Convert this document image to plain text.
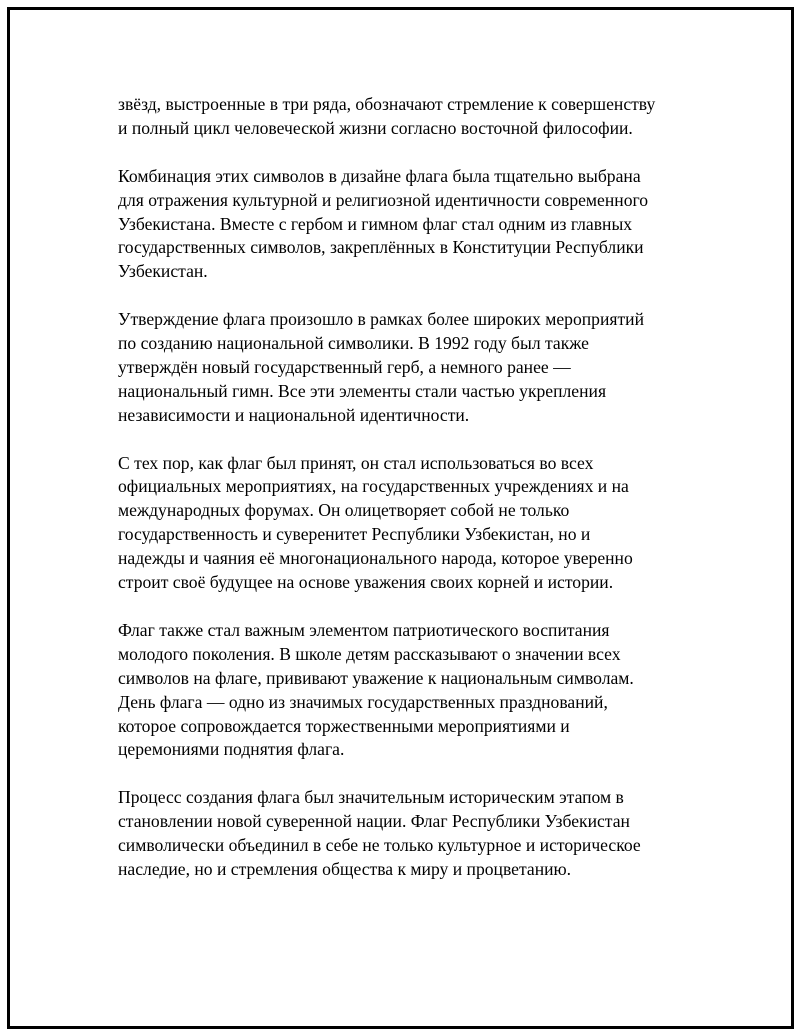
звёзд, выстроенные в три ряда, обозначают стремление к совершенству
и полный цикл человеческой жизни согласно восточной философии.

Комбинация этих символов в дизайне флага была тщательно выбрана
для отражения культурной и религиозной идентичности современного
Узбекистана. Вместе с гербом и гимном флаг стал одним из главных
государственных символов, закреплённых в Конституции Республики
Узбекистан.

Утверждение флага произошло в рамках более широких мероприятий
по созданию национальной символики. В 1992 году был также
утверждён новый государственный герб, а немного ранее —
национальный гимн. Все эти элементы стали частью укрепления
независимости и национальной идентичности.

С тех пор, как флаг был принят, он стал использоваться во всех
официальных мероприятиях, на государственных учреждениях и на
международных форумах. Он олицетворяет собой не только
государственность и суверенитет Республики Узбекистан, но и
надежды и чаяния её многонационального народа, которое уверенно
строит своё будущее на основе уважения своих корней и истории.

Флаг также стал важным элементом патриотического воспитания
молодого поколения. В школе детям рассказывают о значении всех
символов на флаге, прививают уважение к национальным символам.
День флага — одно из значимых государственных празднований,
которое сопровождается торжественными мероприятиями и
церемониями поднятия флага.

Процесс создания флага был значительным историческим этапом в
становлении новой суверенной нации. Флаг Республики Узбекистан
символически объединил в себе не только культурное и историческое
наследие, но и стремления общества к миру и процветанию.
